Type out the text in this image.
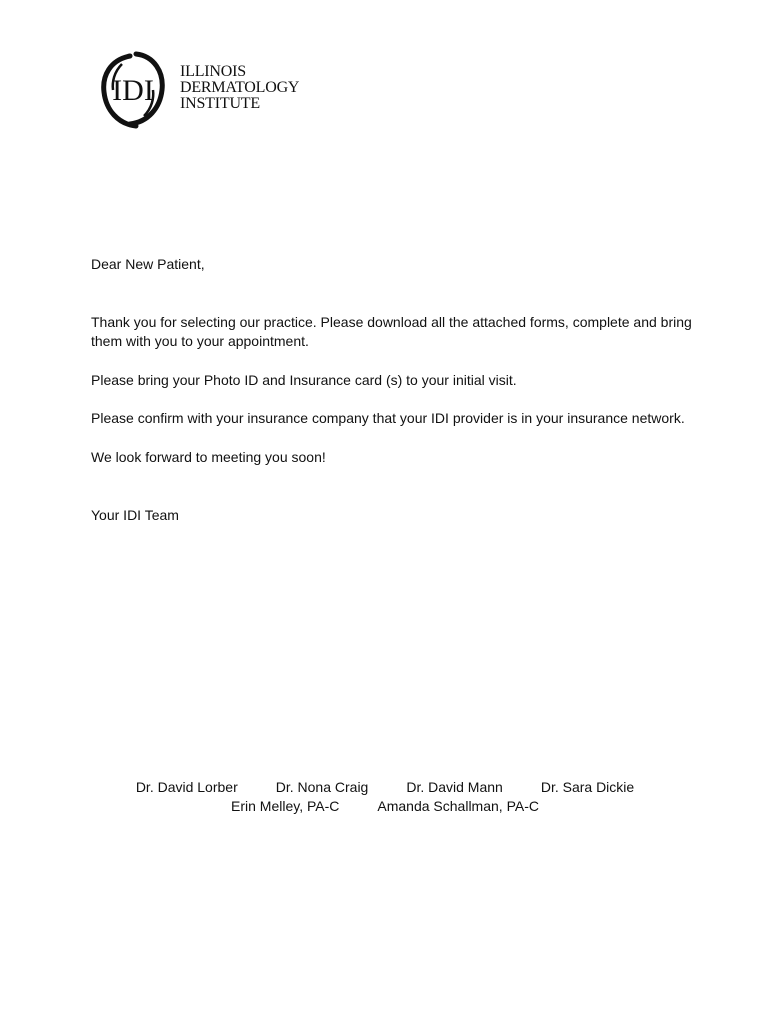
IDI
ILLINOIS
DERMATOLOGY
INSTITUTE

Dear New Patient,

Thank you for selecting our practice. Please download all the attached forms, complete and bring them with you to your appointment.

Please bring your Photo ID and Insurance card (s) to your initial visit.

Please confirm with your insurance company that your IDI provider is in your insurance network.

We look forward to meeting you soon!

Your IDI Team

Dr. David Lorber	Dr. Nona Craig	Dr. David Mann	Dr. Sara Dickie
Erin Melley, PA-C	Amanda Schallman, PA-C
